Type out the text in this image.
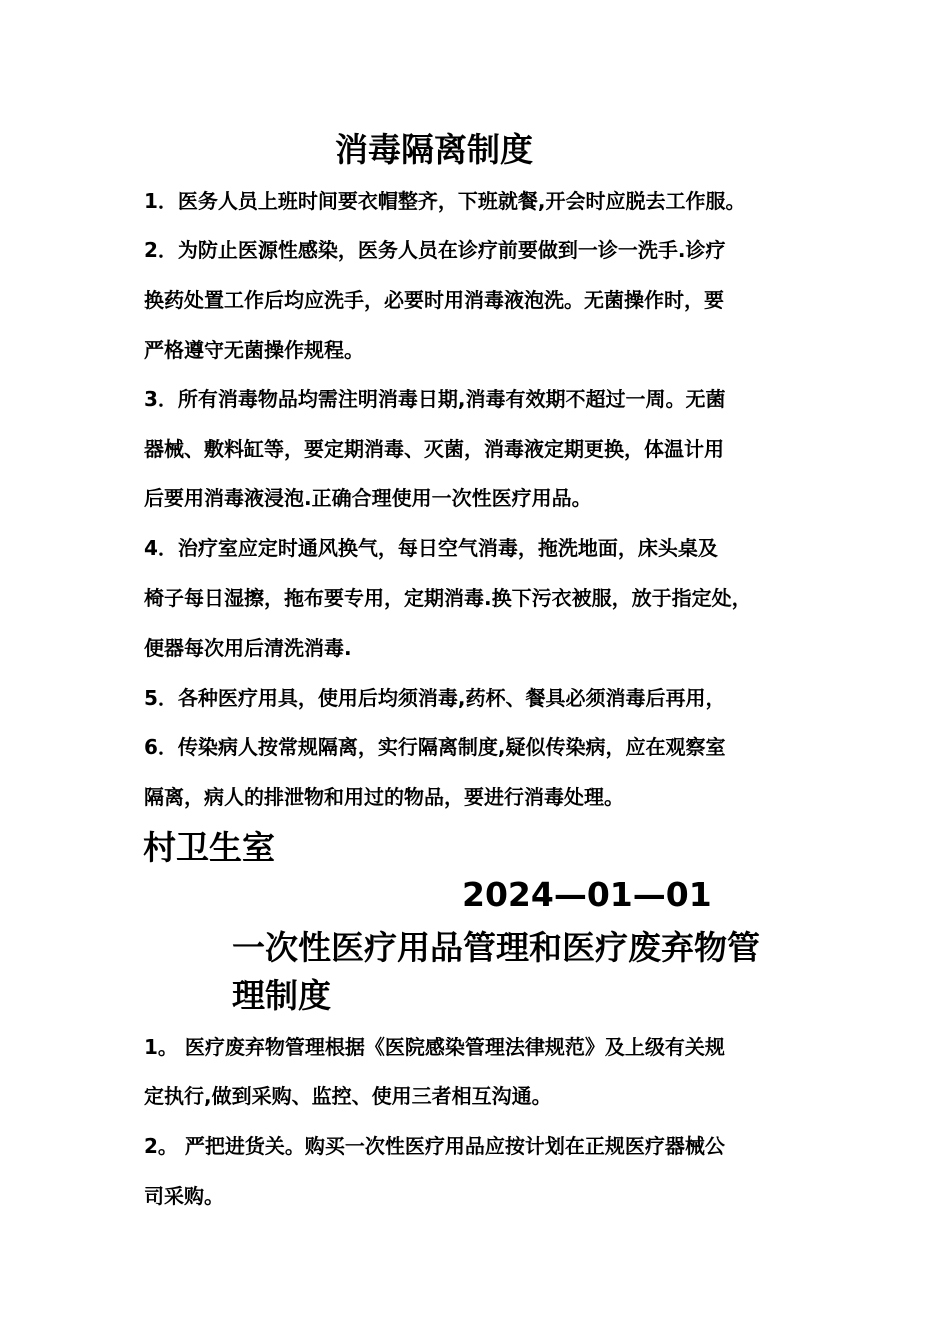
消毒隔离制度
1．医务人员上班时间要衣帽整齐，下班就餐,开会时应脱去工作服。
2．为防止医源性感染，医务人员在诊疗前要做到一诊一洗手.诊疗
换药处置工作后均应洗手，必要时用消毒液泡洗。无菌操作时，要
严格遵守无菌操作规程。
3．所有消毒物品均需注明消毒日期,消毒有效期不超过一周。无菌
器械、敷料缸等，要定期消毒、灭菌，消毒液定期更换，体温计用
后要用消毒液浸泡.正确合理使用一次性医疗用品。
4．治疗室应定时通风换气，每日空气消毒，拖洗地面，床头桌及
椅子每日湿擦，拖布要专用，定期消毒.换下污衣被服，放于指定处，
便器每次用后清洗消毒.
5．各种医疗用具，使用后均须消毒,药杯、餐具必须消毒后再用，
6．传染病人按常规隔离，实行隔离制度,疑似传染病，应在观察室
隔离，病人的排泄物和用过的物品，要进行消毒处理。
村卫生室
2024—01—01
一次性医疗用品管理和医疗废弃物管
理制度
1。 医疗废弃物管理根据《医院感染管理法律规范》及上级有关规
定执行,做到采购、监控、使用三者相互沟通。
2。 严把进货关。购买一次性医疗用品应按计划在正规医疗器械公
司采购。
